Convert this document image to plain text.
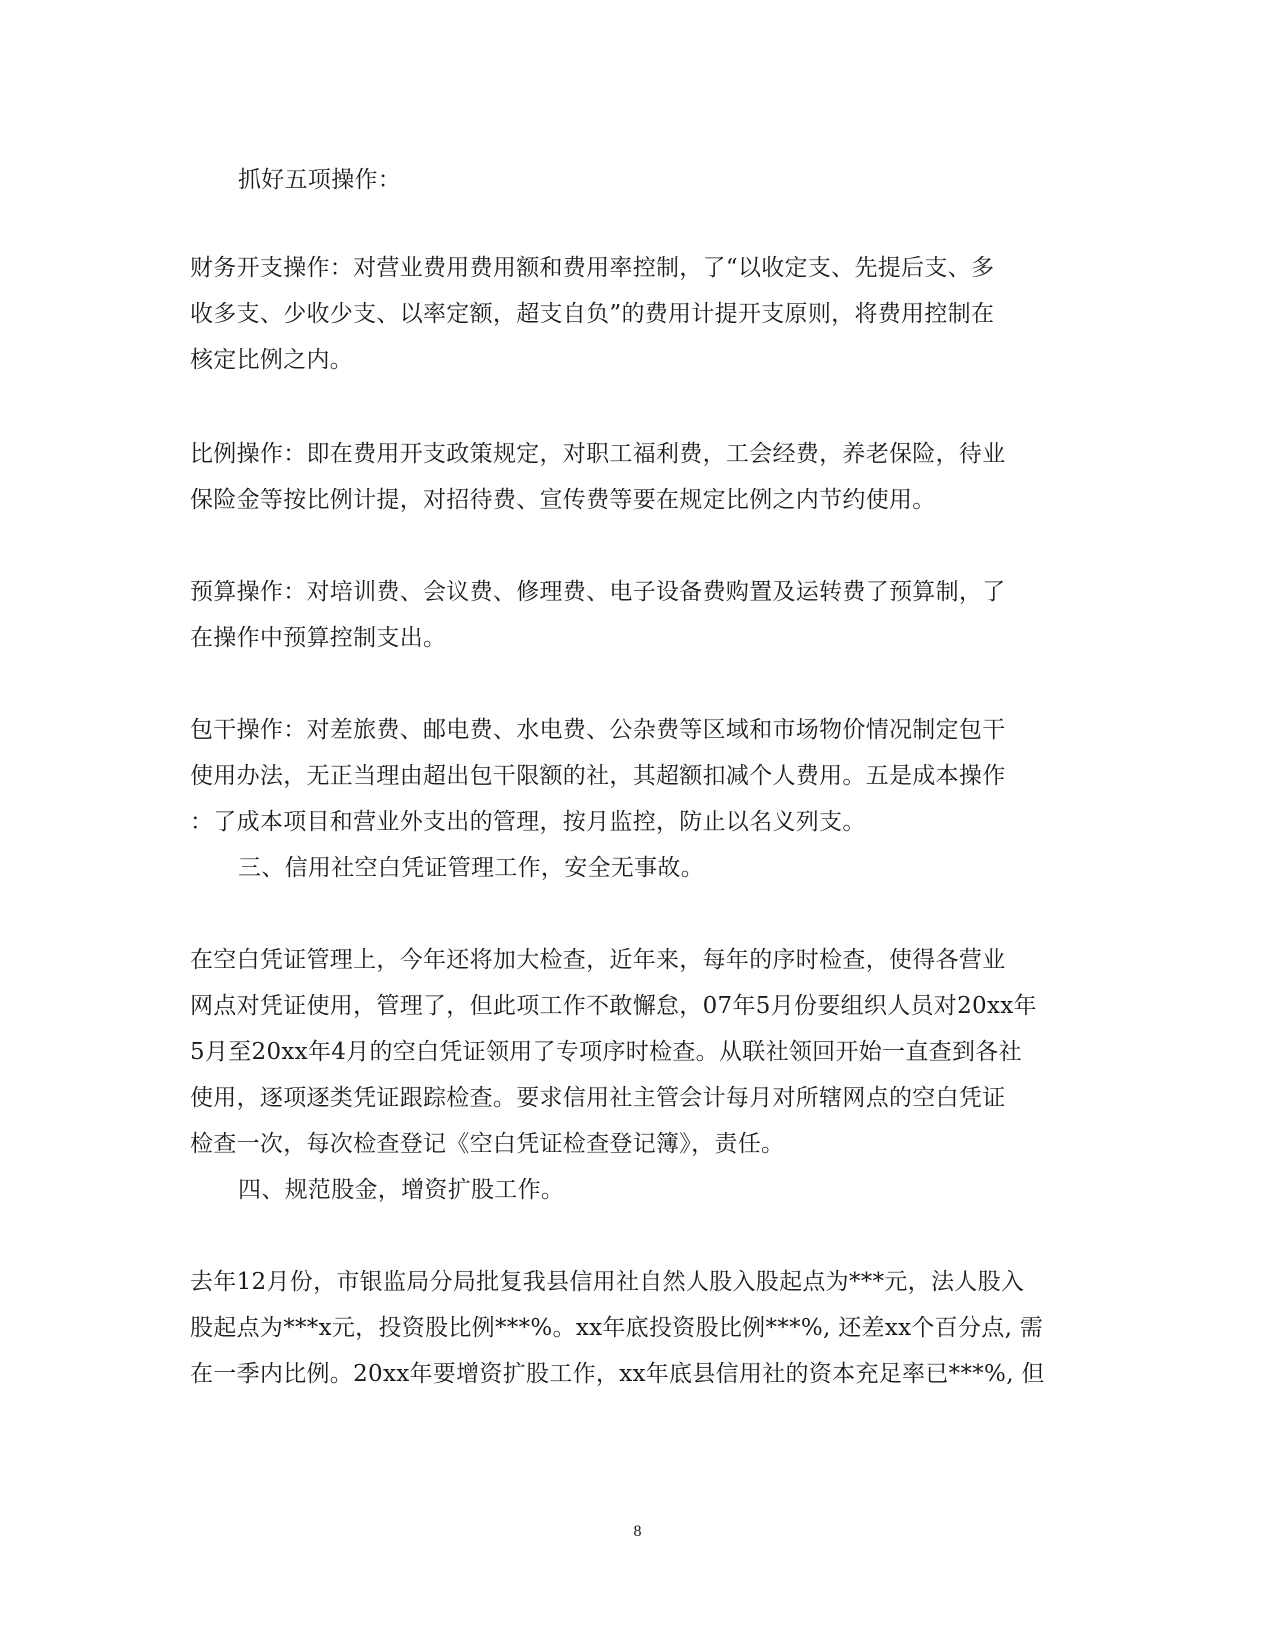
抓好五项操作：
财务开支操作：对营业费用费用额和费用率控制，了“以收定支、先提后支、多
收多支、少收少支、以率定额，超支自负”的费用计提开支原则，将费用控制在
核定比例之内。
比例操作：即在费用开支政策规定，对职工福利费，工会经费，养老保险，待业
保险金等按比例计提，对招待费、宣传费等要在规定比例之内节约使用。
预算操作：对培训费、会议费、修理费、电子设备费购置及运转费了预算制，了
在操作中预算控制支出。
包干操作：对差旅费、邮电费、水电费、公杂费等区域和市场物价情况制定包干
使用办法，无正当理由超出包干限额的社，其超额扣减个人费用。五是成本操作
：了成本项目和营业外支出的管理，按月监控，防止以名义列支。
三、信用社空白凭证管理工作，安全无事故。
在空白凭证管理上，今年还将加大检查，近年来，每年的序时检查，使得各营业
网点对凭证使用，管理了，但此项工作不敢懈怠，07年5月份要组织人员对20xx年
5月至20xx年4月的空白凭证领用了专项序时检查。从联社领回开始一直查到各社
使用，逐项逐类凭证跟踪检查。要求信用社主管会计每月对所辖网点的空白凭证
检查一次，每次检查登记《空白凭证检查登记簿》，责任。
四、规范股金，增资扩股工作。
去年12月份，市银监局分局批复我县信用社自然人股入股起点为***元，法人股入
股起点为***x元，投资股比例***%。xx年底投资股比例***%, 还差xx个百分点, 需
在一季内比例。20xx年要增资扩股工作，xx年底县信用社的资本充足率已***%, 但
8
